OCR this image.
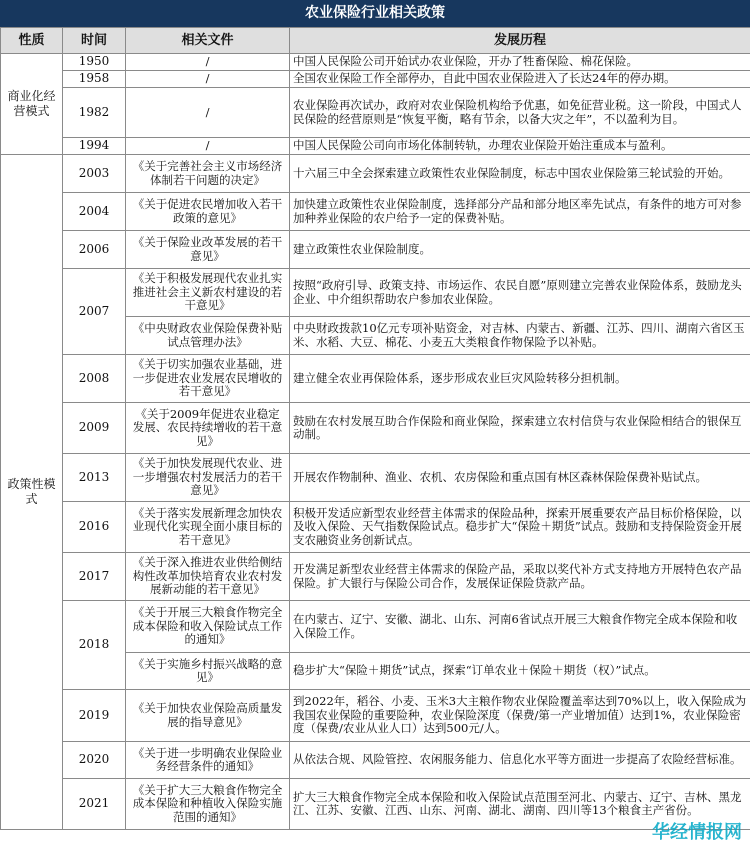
农业保险行业相关政策
性质	时间	相关文件	发展历程
商业化经营模式	1950	/	中国人民保险公司开始试办农业保险，开办了牲畜保险、棉花保险。
	1958	/	全国农业保险工作全部停办，自此中国农业保险进入了长达24年的停办期。
	1982	/	农业保险再次试办，政府对农业保险机构给予优惠，如免征营业税。这一阶段，中国式人民保险的经营原则是“恢复平衡，略有节余，以备大灾之年”，不以盈利为目。
	1994	/	中国人民保险公司向市场化体制转轨，办理农业保险开始注重成本与盈利。
政策性模式	2003	《关于完善社会主义市场经济体制若干问题的决定》	十六届三中全会探索建立政策性农业保险制度，标志中国农业保险第三轮试验的开始。
	2004	《关于促进农民增加收入若干政策的意见》	加快建立政策性农业保险制度，选择部分产品和部分地区率先试点，有条件的地方可对参加种养业保险的农户给予一定的保费补贴。
	2006	《关于保险业改革发展的若干意见》	建立政策性农业保险制度。
	2007	《关于积极发展现代农业扎实推进社会主义新农村建设的若干意见》	按照“政府引导、政策支持、市场运作、农民自愿”原则建立完善农业保险体系，鼓励龙头企业、中介组织帮助农户参加农业保险。
		《中央财政农业保险保费补贴试点管理办法》	中央财政拨款10亿元专项补贴资金，对吉林、内蒙古、新疆、江苏、四川、湖南六省区玉米、水稻、大豆、棉花、小麦五大类粮食作物保险予以补贴。
	2008	《关于切实加强农业基础，进一步促进农业发展农民增收的若干意见》	建立健全农业再保险体系，逐步形成农业巨灾风险转移分担机制。
	2009	《关于2009年促进农业稳定发展、农民持续增收的若干意见》	鼓励在农村发展互助合作保险和商业保险，探索建立农村信贷与农业保险相结合的银保互动制。
	2013	《关于加快发展现代农业、进一步增强农村发展活力的若干意见》	开展农作物制种、渔业、农机、农房保险和重点国有林区森林保险保费补贴试点。
	2016	《关于落实发展新理念加快农业现代化实现全面小康目标的若干意见》	积极开发适应新型农业经营主体需求的保险品种，探索开展重要农产品目标价格保险，以及收入保险、天气指数保险试点。稳步扩大“保险＋期货”试点。鼓励和支持保险资金开展支农融资业务创新试点。
	2017	《关于深入推进农业供给侧结构性改革加快培育农业农村发展新动能的若干意见》	开发满足新型农业经营主体需求的保险产品，采取以奖代补方式支持地方开展特色农产品保险。扩大银行与保险公司合作，发展保证保险贷款产品。
	2018	《关于开展三大粮食作物完全成本保险和收入保险试点工作的通知》	在内蒙古、辽宁、安徽、湖北、山东、河南6省试点开展三大粮食作物完全成本保险和收入保险工作。
		《关于实施乡村振兴战略的意见》	稳步扩大“保险＋期货”试点，探索“订单农业＋保险＋期货（权）”试点。
	2019	《关于加快农业保险高质量发展的指导意见》	到2022年，稻谷、小麦、玉米3大主粮作物农业保险覆盖率达到70%以上，收入保险成为我国农业保险的重要险种，农业保险深度（保费/第一产业增加值）达到1%，农业保险密度（保费/农业从业人口）达到500元/人。
	2020	《关于进一步明确农业保险业务经营条件的通知》	从依法合规、风险管控、农闲服务能力、信息化水平等方面进一步提高了农险经营标准。
	2021	《关于扩大三大粮食作物完全成本保险和种植收入保险实施范围的通知》	扩大三大粮食作物完全成本保险和收入保险试点范围至河北、内蒙古、辽宁、吉林、黑龙江、江苏、安徽、江西、山东、河南、湖北、湖南、四川等13个粮食主产省份。
华经情报网
